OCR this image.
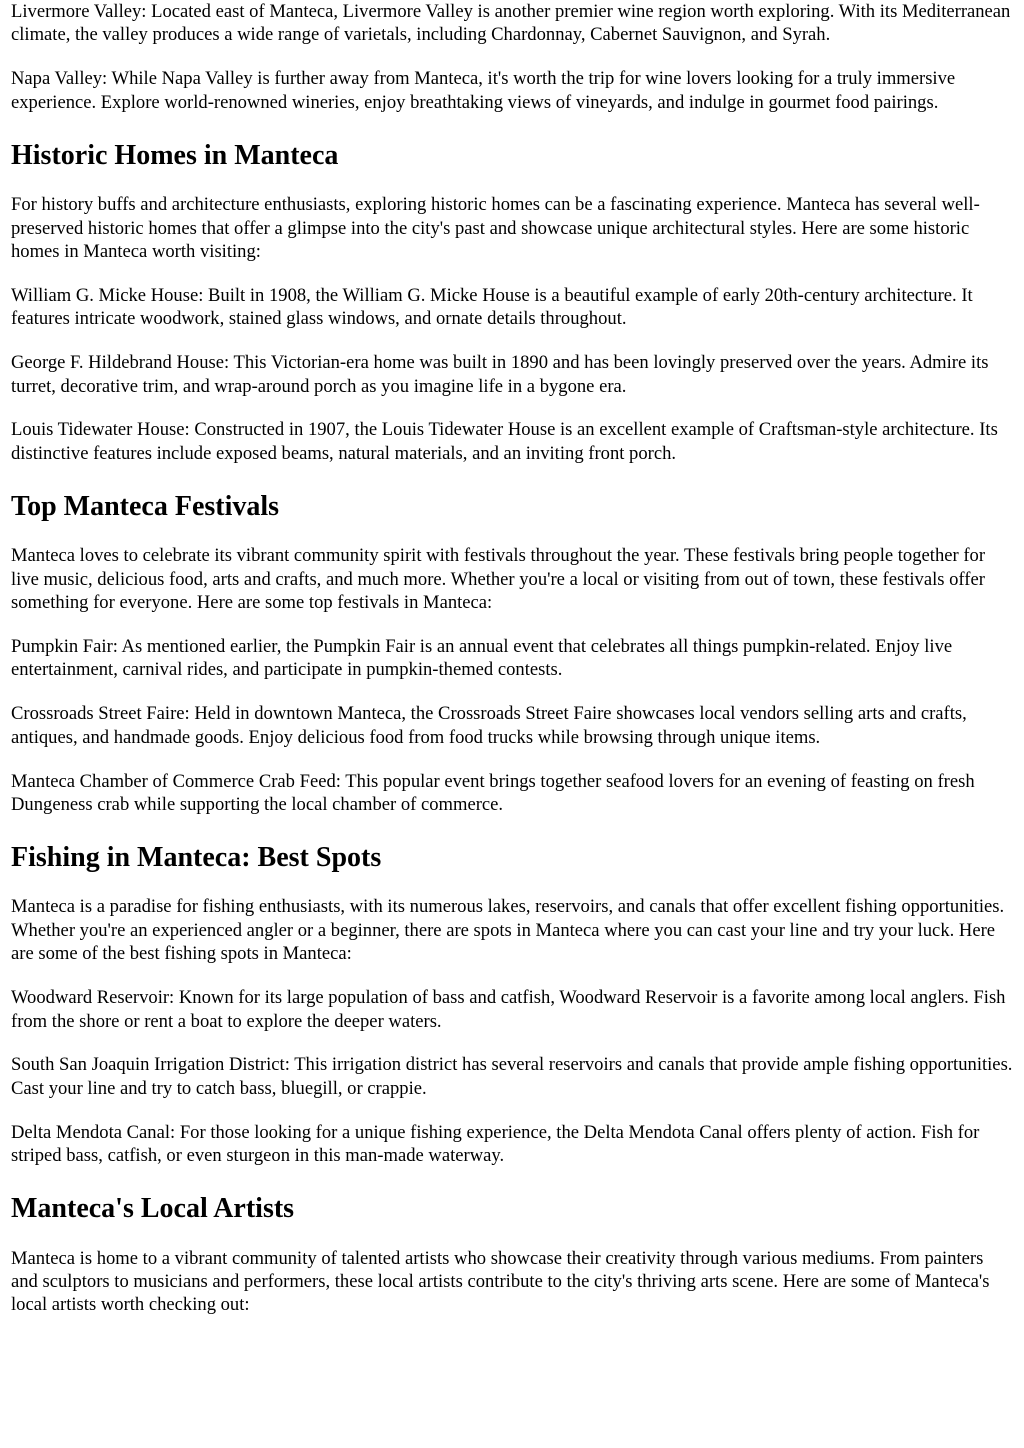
Livermore Valley: Located east of Manteca, Livermore Valley is another premier wine region worth exploring. With its Mediterranean climate, the valley produces a wide range of varietals, including Chardonnay, Cabernet Sauvignon, and Syrah.

Napa Valley: While Napa Valley is further away from Manteca, it's worth the trip for wine lovers looking for a truly immersive experience. Explore world-renowned wineries, enjoy breathtaking views of vineyards, and indulge in gourmet food pairings.

Historic Homes in Manteca

For history buffs and architecture enthusiasts, exploring historic homes can be a fascinating experience. Manteca has several well-preserved historic homes that offer a glimpse into the city's past and showcase unique architectural styles. Here are some historic homes in Manteca worth visiting:

William G. Micke House: Built in 1908, the William G. Micke House is a beautiful example of early 20th-century architecture. It features intricate woodwork, stained glass windows, and ornate details throughout.

George F. Hildebrand House: This Victorian-era home was built in 1890 and has been lovingly preserved over the years. Admire its turret, decorative trim, and wrap-around porch as you imagine life in a bygone era.

Louis Tidewater House: Constructed in 1907, the Louis Tidewater House is an excellent example of Craftsman-style architecture. Its distinctive features include exposed beams, natural materials, and an inviting front porch.

Top Manteca Festivals

Manteca loves to celebrate its vibrant community spirit with festivals throughout the year. These festivals bring people together for live music, delicious food, arts and crafts, and much more. Whether you're a local or visiting from out of town, these festivals offer something for everyone. Here are some top festivals in Manteca:

Pumpkin Fair: As mentioned earlier, the Pumpkin Fair is an annual event that celebrates all things pumpkin-related. Enjoy live entertainment, carnival rides, and participate in pumpkin-themed contests.

Crossroads Street Faire: Held in downtown Manteca, the Crossroads Street Faire showcases local vendors selling arts and crafts, antiques, and handmade goods. Enjoy delicious food from food trucks while browsing through unique items.

Manteca Chamber of Commerce Crab Feed: This popular event brings together seafood lovers for an evening of feasting on fresh Dungeness crab while supporting the local chamber of commerce.

Fishing in Manteca: Best Spots

Manteca is a paradise for fishing enthusiasts, with its numerous lakes, reservoirs, and canals that offer excellent fishing opportunities. Whether you're an experienced angler or a beginner, there are spots in Manteca where you can cast your line and try your luck. Here are some of the best fishing spots in Manteca:

Woodward Reservoir: Known for its large population of bass and catfish, Woodward Reservoir is a favorite among local anglers. Fish from the shore or rent a boat to explore the deeper waters.

South San Joaquin Irrigation District: This irrigation district has several reservoirs and canals that provide ample fishing opportunities. Cast your line and try to catch bass, bluegill, or crappie.

Delta Mendota Canal: For those looking for a unique fishing experience, the Delta Mendota Canal offers plenty of action. Fish for striped bass, catfish, or even sturgeon in this man-made waterway.

Manteca's Local Artists

Manteca is home to a vibrant community of talented artists who showcase their creativity through various mediums. From painters and sculptors to musicians and performers, these local artists contribute to the city's thriving arts scene. Here are some of Manteca's local artists worth checking out:
